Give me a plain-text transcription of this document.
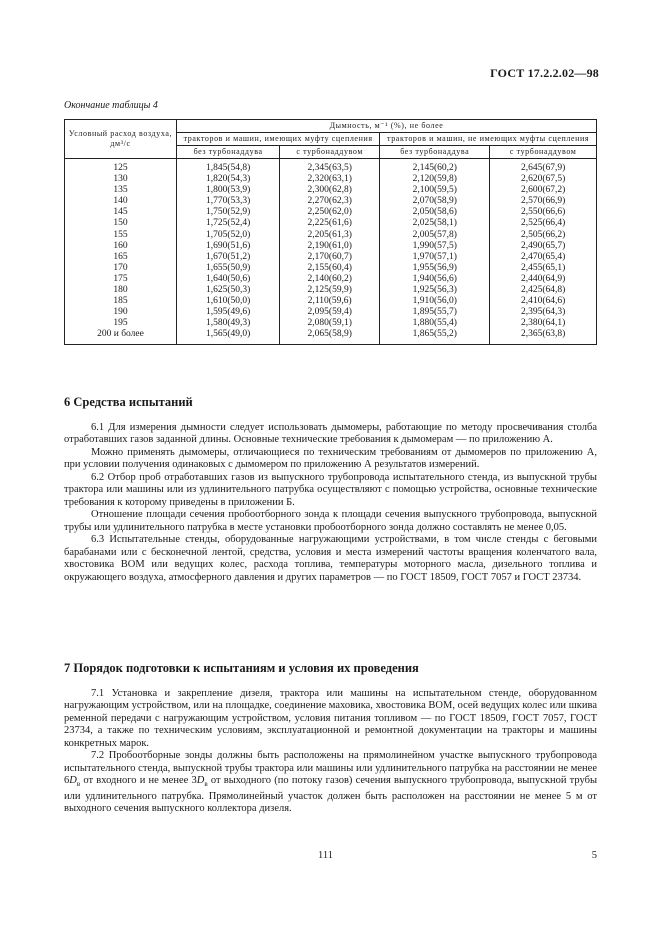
ГОСТ 17.2.2.02—98
Окончание таблицы 4
Условный расход воздуха, дм³/с	Дымность, м⁻¹ (%), не более			
	тракторов и машин, имеющих муфту сцепления		тракторов и машин, не имеющих муфты сцепления	
	без турбонаддува	с турбонаддувом	без турбонаддува	с турбонаддувом
125	1,845(54,8)	2,345(63,5)	2,145(60,2)	2,645(67,9)
130	1,820(54,3)	2,320(63,1)	2,120(59,8)	2,620(67,5)
135	1,800(53,9)	2,300(62,8)	2,100(59,5)	2,600(67,2)
140	1,770(53,3)	2,270(62,3)	2,070(58,9)	2,570(66,9)
145	1,750(52,9)	2,250(62,0)	2,050(58,6)	2,550(66,6)
150	1,725(52,4)	2,225(61,6)	2,025(58,1)	2,525(66,4)
155	1,705(52,0)	2,205(61,3)	2,005(57,8)	2,505(66,2)
160	1,690(51,6)	2,190(61,0)	1,990(57,5)	2,490(65,7)
165	1,670(51,2)	2,170(60,7)	1,970(57,1)	2,470(65,4)
170	1,655(50,9)	2,155(60,4)	1,955(56,9)	2,455(65,1)
175	1,640(50,6)	2,140(60,2)	1,940(56,6)	2,440(64,9)
180	1,625(50,3)	2,125(59,9)	1,925(56,3)	2,425(64,8)
185	1,610(50,0)	2,110(59,6)	1,910(56,0)	2,410(64,6)
190	1,595(49,6)	2,095(59,4)	1,895(55,7)	2,395(64,3)
195	1,580(49,3)	2,080(59,1)	1,880(55,4)	2,380(64,1)
200 и более	1,565(49,0)	2,065(58,9)	1,865(55,2)	2,365(63,8)
6 Средства испытаний

6.1 Для измерения дымности следует использовать дымомеры, работающие по методу просвечивания столба отработавших газов заданной длины. Основные технические требования к дымомерам — по приложению А.

Можно применять дымомеры, отличающиеся по техническим требованиям от дымомеров по приложению А, при условии получения одинаковых с дымомером по приложению А результатов измерений.

6.2 Отбор проб отработавших газов из выпускного трубопровода испытательного стенда, из выпускной трубы трактора или машины или из удлинительного патрубка осуществляют с помощью устройства, основные технические требования к которому приведены в приложении Б.

Отношение площади сечения пробоотборного зонда к площади сечения выпускного трубопровода, выпускной трубы или удлинительного патрубка в месте установки пробоотборного зонда должно составлять не менее 0,05.

6.3 Испытательные стенды, оборудованные нагружающими устройствами, в том числе стенды с беговыми барабанами или с бесконечной лентой, средства, условия и места измерений частоты вращения коленчатого вала, хвостовика ВОМ или ведущих колес, расхода топлива, температуры моторного масла, дизельного топлива и окружающего воздуха, атмосферного давления и других параметров — по ГОСТ 18509, ГОСТ 7057 и ГОСТ 23734.

7 Порядок подготовки к испытаниям и условия их проведения

7.1 Установка и закрепление дизеля, трактора или машины на испытательном стенде, оборудованном нагружающим устройством, или на площадке, соединение маховика, хвостовика ВОМ, осей ведущих колес или шкива ременной передачи с нагружающим устройством, условия питания топливом — по ГОСТ 18509, ГОСТ 7057, ГОСТ 23734, а также по техническим условиям, эксплуатационной и ремонтной документации на тракторы и машины конкретных марок.

7.2 Пробоотборные зонды должны быть расположены на прямолинейном участке выпускного трубопровода испытательного стенда, выпускной трубы трактора или машины или удлинительного патрубка на расстоянии не менее $6D_в$ от входного и не менее $3D_в$ от выходного (по потоку газов) сечения выпускного трубопровода, выпускной трубы или удлинительного патрубка. Прямолинейный участок должен быть расположен на расстоянии не менее 5 м от выходного сечения выпускного коллектора дизеля.

111	5
